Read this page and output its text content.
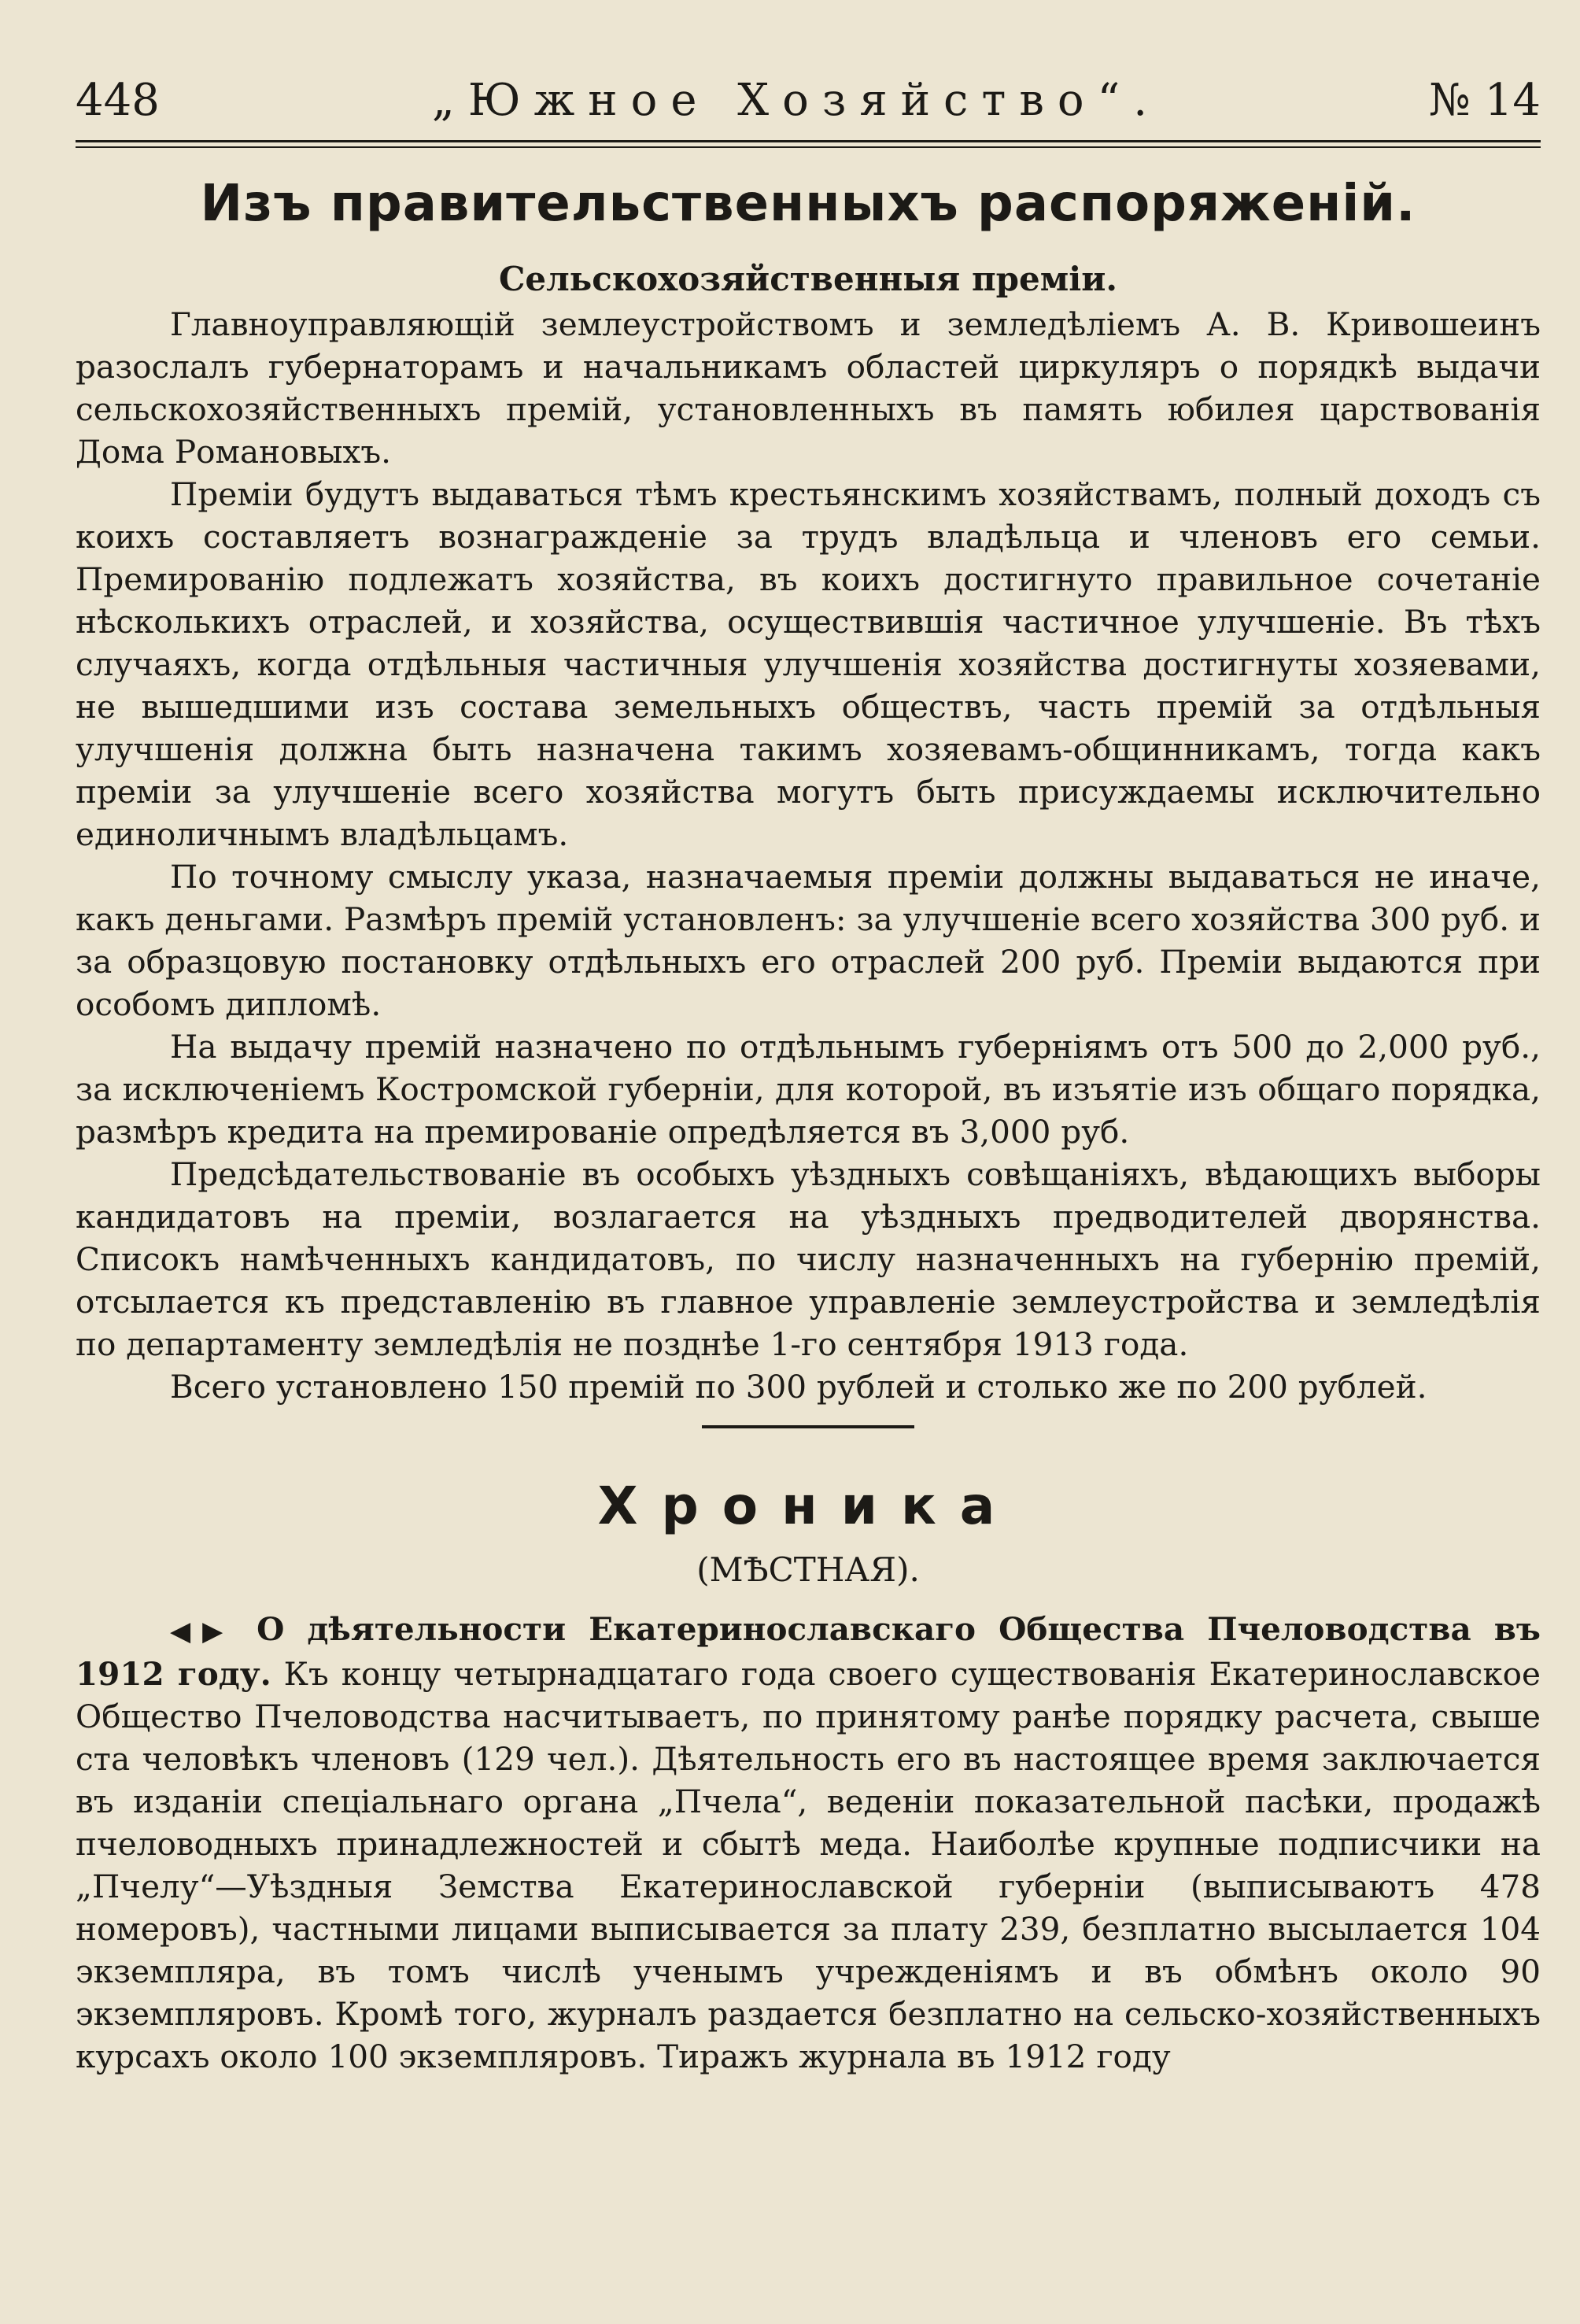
448	„Южное Хозяйство“.	№ 14
Изъ правительственныхъ распоряженій.
Сельскохозяйственныя преміи.

Главноуправляющій землеустройствомъ и земледѣліемъ А. В. Кривошеинъ разослалъ губернаторамъ и начальникамъ областей циркуляръ о порядкѣ выдачи сельскохозяйственныхъ премій, установленныхъ въ память юбилея царствованія Дома Романовыхъ.

Преміи будутъ выдаваться тѣмъ крестьянскимъ хозяйствамъ, полный доходъ съ коихъ составляетъ вознагражденіе за трудъ владѣльца и членовъ его семьи. Премированію подлежатъ хозяйства, въ коихъ достигнуто правильное сочетаніе нѣсколькихъ отраслей, и хозяйства, осуществившія частичное улучшеніе. Въ тѣхъ случаяхъ, когда отдѣльныя частичныя улучшенія хозяйства достигнуты хозяевами, не вышедшими изъ состава земельныхъ обществъ, часть премій за отдѣльныя улучшенія должна быть назначена такимъ хозяевамъ-общинникамъ, тогда какъ преміи за улучшеніе всего хозяйства могутъ быть присуждаемы исключительно единоличнымъ владѣльцамъ.

По точному смыслу указа, назначаемыя преміи должны выдаваться не иначе, какъ деньгами. Размѣръ премій установленъ: за улучшеніе всего хозяйства 300 руб. и за образцовую постановку отдѣльныхъ его отраслей 200 руб. Преміи выдаются при особомъ дипломѣ.

На выдачу премій назначено по отдѣльнымъ губерніямъ отъ 500 до 2,000 руб., за исключеніемъ Костромской губерніи, для которой, въ изъятіе изъ общаго порядка, размѣръ кредита на премированіе опредѣляется въ 3,000 руб.

Предсѣдательствованіе въ особыхъ уѣздныхъ совѣщаніяхъ, вѣдающихъ выборы кандидатовъ на преміи, возлагается на уѣздныхъ предводителей дворянства. Списокъ намѣченныхъ кандидатовъ, по числу назначенныхъ на губернію премій, отсылается къ представленію въ главное управленіе землеустройства и земледѣлія по департаменту земледѣлія не позднѣе 1-го сентября 1913 года.

Всего установлено 150 премій по 300 рублей и столько же по 200 рублей.

Хроника
(МѢСТНАЯ).

◀▶ О дѣятельности Екатеринославскаго Общества Пчеловодства въ 1912 году. Къ концу четырнадцатаго года своего существованія Екатеринославское Общество Пчеловодства насчитываетъ, по принятому ранѣе порядку расчета, свыше ста человѣкъ членовъ (129 чел.). Дѣятельность его въ настоящее время заключается въ изданіи спеціальнаго органа „Пчела“, веденіи показательной пасѣки, продажѣ пчеловодныхъ принадлежностей и сбытѣ меда. Наиболѣе крупные подписчики на „Пчелу“—Уѣздныя Земства Екатеринославской губерніи (выписываютъ 478 номеровъ), частными лицами выписывается за плату 239, безплатно высылается 104 экземпляра, въ томъ числѣ ученымъ учрежденіямъ и въ обмѣнъ около 90 экземпляровъ. Кромѣ того, журналъ раздается безплатно на сельско-хозяйственныхъ курсахъ около 100 экземпляровъ. Тиражъ журнала въ 1912 году
